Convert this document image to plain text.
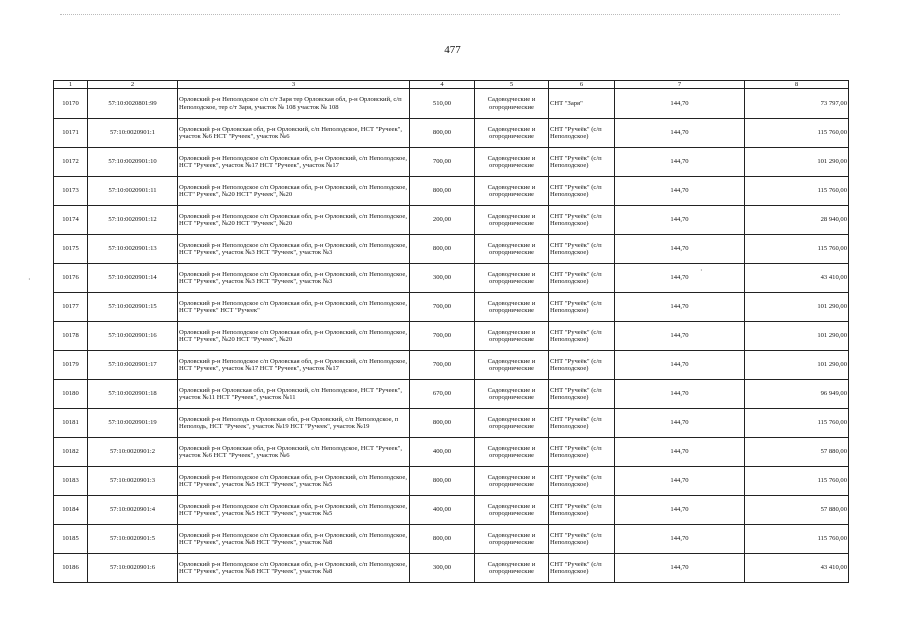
·
·
477
1	2	3	4	5	6	7	8
10170	57:10:0020801:99	Орловский р-н Неполодское с/п с/т Заря тер Орловская обл, р-н Орловский, с/п Неполодское, тер с/т Заря, участок № 108 участок № 108	510,00	Садоводческие и огороднические	СНТ "Заря"	144,70	73 797,00
10171	57:10:0020901:1	Орловский р-н Орловская обл, р-н Орловский, с/п Неполодское, НСТ "Ручеек", участок №6 НСТ "Ручеек", участок №6	800,00	Садоводческие и огороднические	СНТ "Ручеёк" (с/п Неполодское)	144,70	115 760,00
10172	57:10:0020901:10	Орловский р-н Неполодское с/п Орловская обл, р-н Орловский, с/п Неполодское, НСТ "Ручеек", участок №17 НСТ "Ручеек", участок №17	700,00	Садоводческие и огороднические	СНТ "Ручеёк" (с/п Неполодское)	144,70	101 290,00
10173	57:10:0020901:11	Орловский р-н Неполодское с/п Орловская обл, р-н Орловский, с/п Неполодское, НСТ" Ручеек", №20 НСТ" Ручеек", №20	800,00	Садоводческие и огороднические	СНТ "Ручеёк" (с/п Неполодское)	144,70	115 760,00
10174	57:10:0020901:12	Орловский р-н Неполодское с/п Орловская обл, р-н Орловский, с/п Неполодское, НСТ "Ручеек", №20 НСТ "Ручеек", №20	200,00	Садоводческие и огороднические	СНТ "Ручеёк" (с/п Неполодское)	144,70	28 940,00
10175	57:10:0020901:13	Орловский р-н Неполодское с/п Орловская обл, р-н Орловский, с/п Неполодское, НСТ "Ручеек", участок №3 НСТ "Ручеек", участок №3	800,00	Садоводческие и огороднические	СНТ "Ручеёк" (с/п Неполодское)	144,70	115 760,00
10176	57:10:0020901:14	Орловский р-н Неполодское с/п Орловская обл, р-н Орловский, с/п Неполодское, НСТ "Ручеек", участок №3 НСТ "Ручеек", участок №3	300,00	Садоводческие и огороднические	СНТ "Ручеёк" (с/п Неполодское)	144,70	43 410,00
10177	57:10:0020901:15	Орловский р-н Неполодское с/п Орловская обл, р-н Орловский, с/п Неполодское, НСТ "Ручеек" НСТ "Ручеек"	700,00	Садоводческие и огороднические	СНТ "Ручеёк" (с/п Неполодское)	144,70	101 290,00
10178	57:10:0020901:16	Орловский р-н Неполодское с/п Орловская обл, р-н Орловский, с/п Неполодское, НСТ "Ручеек", №20 НСТ "Ручеек", №20	700,00	Садоводческие и огороднические	СНТ "Ручеёк" (с/п Неполодское)	144,70	101 290,00
10179	57:10:0020901:17	Орловский р-н Неполодское с/п Орловская обл, р-н Орловский, с/п Неполодское, НСТ "Ручеек", участок №17 НСТ "Ручеек", участок №17	700,00	Садоводческие и огороднические	СНТ "Ручеёк" (с/п Неполодское)	144,70	101 290,00
10180	57:10:0020901:18	Орловский р-н Орловская обл, р-н Орловский, с/п Неполодское, НСТ "Ручеек", участок №11 НСТ "Ручеек", участок №11	670,00	Садоводческие и огороднические	СНТ "Ручеёк" (с/п Неполодское)	144,70	96 949,00
10181	57:10:0020901:19	Орловский р-н Неполодь п Орловская обл, р-н Орловский, с/п Неполодское, п Неполодь, НСТ "Ручеек", участок №19 НСТ "Ручеек", участок №19	800,00	Садоводческие и огороднические	СНТ "Ручеёк" (с/п Неполодское)	144,70	115 760,00
10182	57:10:0020901:2	Орловский р-н Орловская обл, р-н Орловский, с/п Неполодское, НСТ "Ручеек", участок №6 НСТ "Ручеек", участок №6	400,00	Садоводческие и огороднические	СНТ "Ручеёк" (с/п Неполодское)	144,70	57 880,00
10183	57:10:0020901:3	Орловский р-н Неполодское с/п Орловская обл, р-н Орловский, с/п Неполодское, НСТ "Ручеек", участок №5 НСТ "Ручеек", участок №5	800,00	Садоводческие и огороднические	СНТ "Ручеёк" (с/п Неполодское)	144,70	115 760,00
10184	57:10:0020901:4	Орловский р-н Неполодское с/п Орловская обл, р-н Орловский, с/п Неполодское, НСТ "Ручеек", участок №5 НСТ "Ручеек", участок №5	400,00	Садоводческие и огороднические	СНТ "Ручеёк" (с/п Неполодское)	144,70	57 880,00
10185	57:10:0020901:5	Орловский р-н Неполодское с/п Орловская обл, р-н Орловский, с/п Неполодское, НСТ "Ручеек", участок №8 НСТ "Ручеек", участок №8	800,00	Садоводческие и огороднические	СНТ "Ручеёк" (с/п Неполодское)	144,70	115 760,00
10186	57:10:0020901:6	Орловский р-н Неполодское с/п Орловская обл, р-н Орловский, с/п Неполодское, НСТ "Ручеек", участок №8 НСТ "Ручеек", участок №8	300,00	Садоводческие и огороднические	СНТ "Ручеёк" (с/п Неполодское)	144,70	43 410,00
